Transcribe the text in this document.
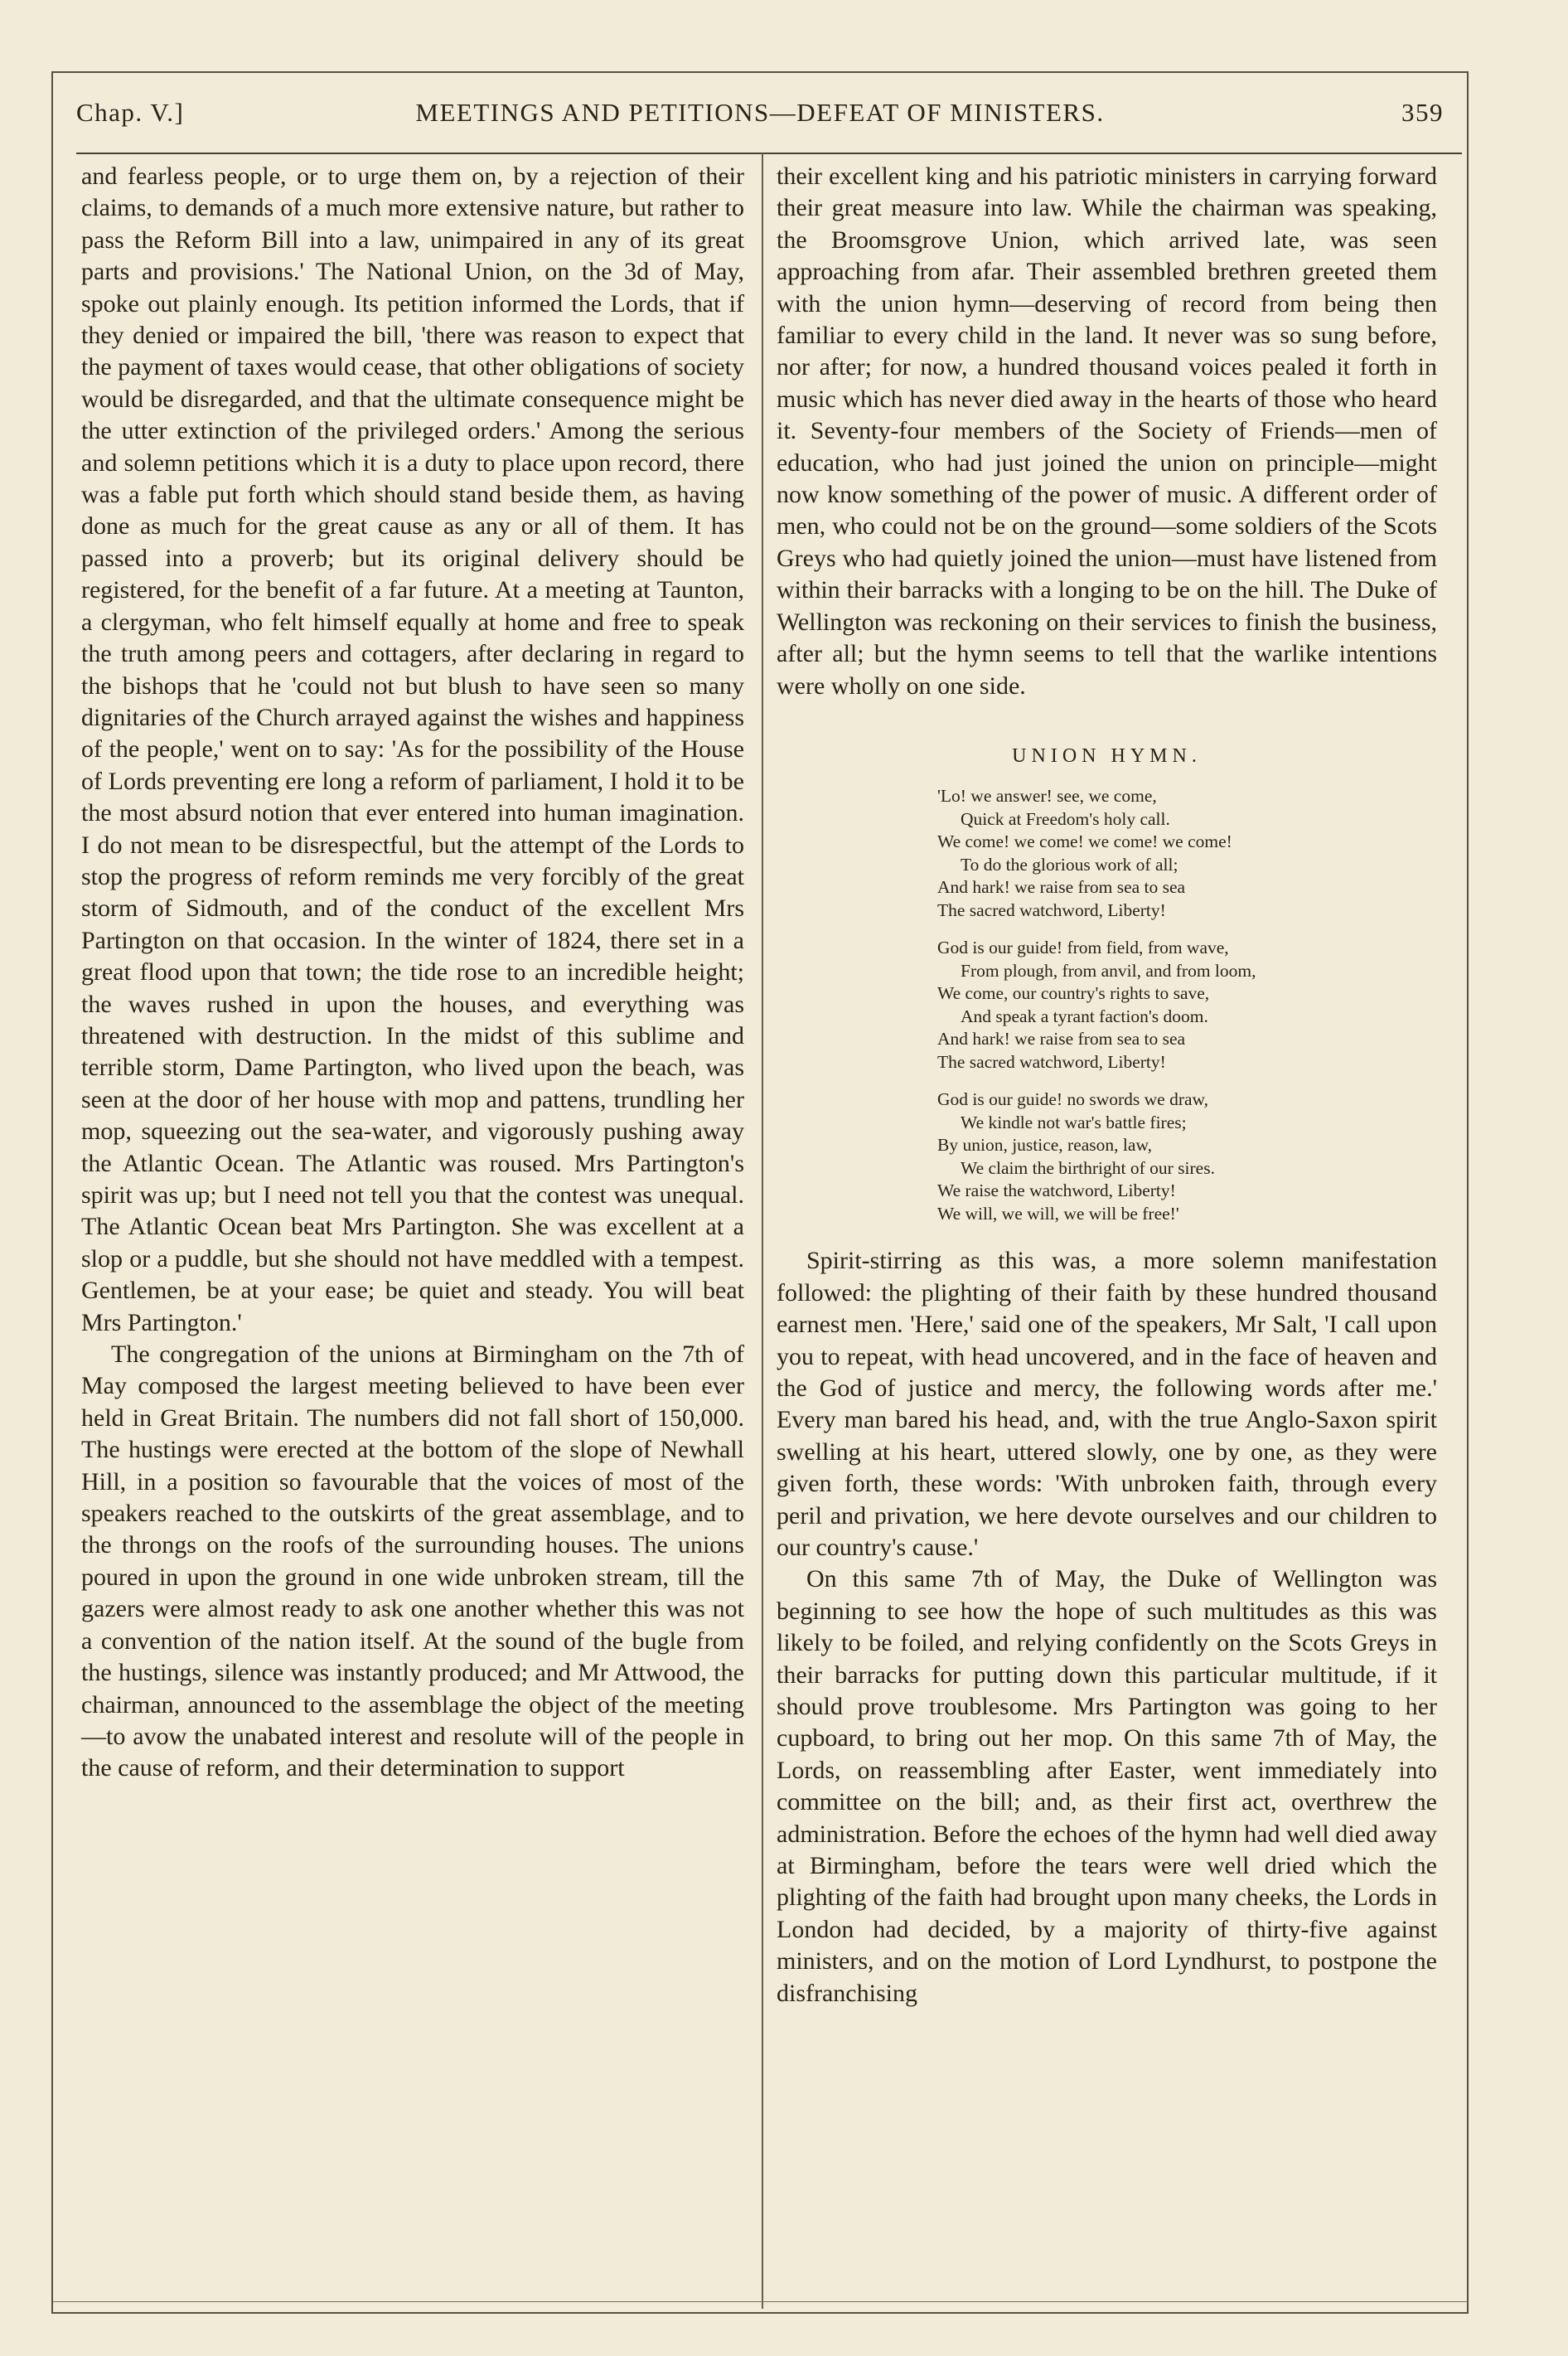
Chap. V.]	MEETINGS AND PETITIONS—DEFEAT OF MINISTERS.	359

and fearless people, or to urge them on, by a rejection of their claims, to demands of a much more extensive nature, but rather to pass the Reform Bill into a law, unimpaired in any of its great parts and provisions.' The National Union, on the 3d of May, spoke out plainly enough. Its petition informed the Lords, that if they denied or impaired the bill, 'there was reason to expect that the payment of taxes would cease, that other obligations of society would be disregarded, and that the ultimate consequence might be the utter extinction of the privileged orders.' Among the serious and solemn petitions which it is a duty to place upon record, there was a fable put forth which should stand beside them, as having done as much for the great cause as any or all of them. It has passed into a proverb; but its original delivery should be registered, for the benefit of a far future. At a meeting at Taunton, a clergyman, who felt himself equally at home and free to speak the truth among peers and cottagers, after declaring in regard to the bishops that he 'could not but blush to have seen so many dignitaries of the Church arrayed against the wishes and happiness of the people,' went on to say: 'As for the possibility of the House of Lords preventing ere long a reform of parliament, I hold it to be the most absurd notion that ever entered into human imagination. I do not mean to be disrespectful, but the attempt of the Lords to stop the progress of reform reminds me very forcibly of the great storm of Sidmouth, and of the conduct of the excellent Mrs Partington on that occasion. In the winter of 1824, there set in a great flood upon that town; the tide rose to an incredible height; the waves rushed in upon the houses, and everything was threatened with destruction. In the midst of this sublime and terrible storm, Dame Partington, who lived upon the beach, was seen at the door of her house with mop and pattens, trundling her mop, squeezing out the sea-water, and vigorously pushing away the Atlantic Ocean. The Atlantic was roused. Mrs Partington's spirit was up; but I need not tell you that the contest was unequal. The Atlantic Ocean beat Mrs Partington. She was excellent at a slop or a puddle, but she should not have meddled with a tempest. Gentlemen, be at your ease; be quiet and steady. You will beat Mrs Partington.'

The congregation of the unions at Birmingham on the 7th of May composed the largest meeting believed to have been ever held in Great Britain. The numbers did not fall short of 150,000. The hustings were erected at the bottom of the slope of Newhall Hill, in a position so favourable that the voices of most of the speakers reached to the outskirts of the great assemblage, and to the throngs on the roofs of the surrounding houses. The unions poured in upon the ground in one wide unbroken stream, till the gazers were almost ready to ask one another whether this was not a convention of the nation itself. At the sound of the bugle from the hustings, silence was instantly produced; and Mr Attwood, the chairman, announced to the assemblage the object of the meeting—to avow the unabated interest and resolute will of the people in the cause of reform, and their determination to support

their excellent king and his patriotic ministers in carrying forward their great measure into law. While the chairman was speaking, the Broomsgrove Union, which arrived late, was seen approaching from afar. Their assembled brethren greeted them with the union hymn—deserving of record from being then familiar to every child in the land. It never was so sung before, nor after; for now, a hundred thousand voices pealed it forth in music which has never died away in the hearts of those who heard it. Seventy-four members of the Society of Friends—men of education, who had just joined the union on principle—might now know something of the power of music. A different order of men, who could not be on the ground—some soldiers of the Scots Greys who had quietly joined the union—must have listened from within their barracks with a longing to be on the hill. The Duke of Wellington was reckoning on their services to finish the business, after all; but the hymn seems to tell that the warlike intentions were wholly on one side.

UNION HYMN.
'Lo! we answer! see, we come,
Quick at Freedom's holy call.
We come! we come! we come! we come!
To do the glorious work of all;
And hark! we raise from sea to sea
The sacred watchword, Liberty!
God is our guide! from field, from wave,
From plough, from anvil, and from loom,
We come, our country's rights to save,
And speak a tyrant faction's doom.
And hark! we raise from sea to sea
The sacred watchword, Liberty!
God is our guide! no swords we draw,
We kindle not war's battle fires;
By union, justice, reason, law,
We claim the birthright of our sires.
We raise the watchword, Liberty!
We will, we will, we will be free!'

Spirit-stirring as this was, a more solemn manifestation followed: the plighting of their faith by these hundred thousand earnest men. 'Here,' said one of the speakers, Mr Salt, 'I call upon you to repeat, with head uncovered, and in the face of heaven and the God of justice and mercy, the following words after me.' Every man bared his head, and, with the true Anglo-Saxon spirit swelling at his heart, uttered slowly, one by one, as they were given forth, these words: 'With unbroken faith, through every peril and privation, we here devote ourselves and our children to our country's cause.'

On this same 7th of May, the Duke of Wellington was beginning to see how the hope of such multitudes as this was likely to be foiled, and relying confidently on the Scots Greys in their barracks for putting down this particular multitude, if it should prove troublesome. Mrs Partington was going to her cupboard, to bring out her mop. On this same 7th of May, the Lords, on reassembling after Easter, went immediately into committee on the bill; and, as their first act, overthrew the administration. Before the echoes of the hymn had well died away at Birmingham, before the tears were well dried which the plighting of the faith had brought upon many cheeks, the Lords in London had decided, by a majority of thirty-five against ministers, and on the motion of Lord Lyndhurst, to postpone the disfranchising
